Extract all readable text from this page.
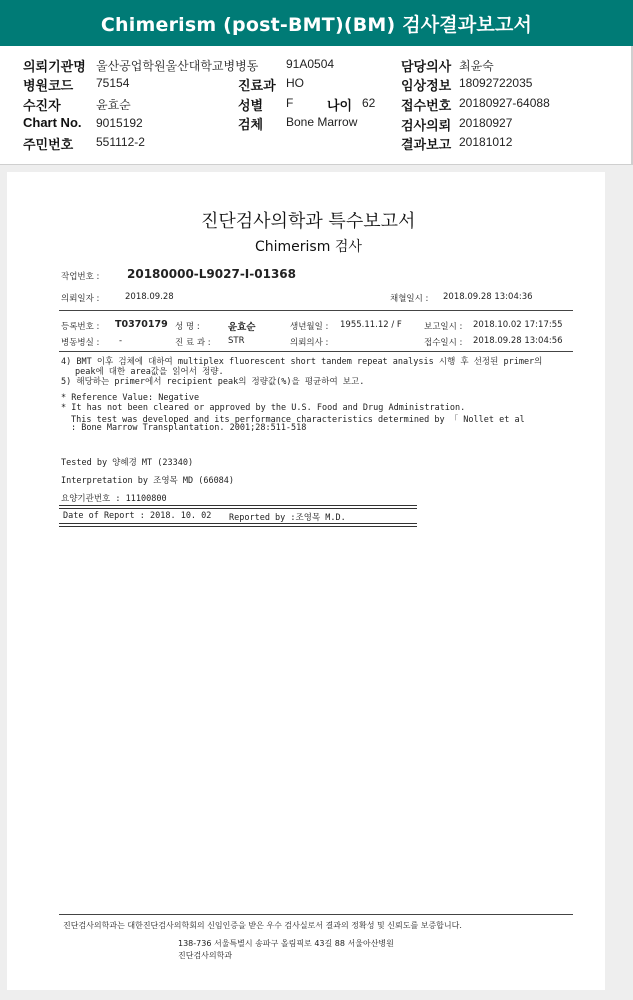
Chimerism (post-BMT)(BM) 검사결과보고서
의뢰기관명 울산공업학원울산대학교병병동 91A0504	담당의사 최윤숙
병원코드 75154	진료과 HO	임상정보 18092722035
수진자	윤효순	성별 F	나이 62 접수번호 20180927-64088
Chart No. 9015192	검체 Bone Marrow	검사의뢰 20180927
주민번호 551112-2	결과보고 20181012
진단검사의학과 특수보고서
Chimerism 검사
작업번호 : 20180000-L9027-I-01368
의뢰일자 :	2018.09.28	채혈일시 : 2018.09.28 13:04:36
등록번호 : T0370179 성 명 :	윤효순	생년월일 : 1955.11.12 / F	보고일시 : 2018.10.02 17:17:55
병동병실 : -	진 료 과 : STR	의뢰의사 :	접수일시 : 2018.09.28 13:04:56
4) BMT 이후 검체에 대하여 multiplex fluorescent short tandem repeat analysis 시행 후 선정된 primer의
peak에 대한 area값을 읽어서 정량.
5) 해당하는 primer에서 recipient peak의 정량값(%)을 평균하여 보고.
* Reference Value: Negative
* It has not been cleared or approved by the U.S. Food and Drug Administration.
This test was developed and its performance characteristics determined by 「 Nollet et al
: Bone Marrow Transplantation. 2001;28:511-518
Tested by 양혜경 MT (23340)
Interpretation by 조영목 MD (66084)
요양기관번호 : 11100800
Date of Report : 2018. 10. 02 Reported by :조영목 M.D.
진단검사의학과는 대한진단검사의학회의 신임인증을 받은 우수 검사실로서 결과의 정확성 및 신뢰도를 보증합니다.
138-736 서울특별시 송파구 올림픽로 43길 88 서울아산병원
진단검사의학과
